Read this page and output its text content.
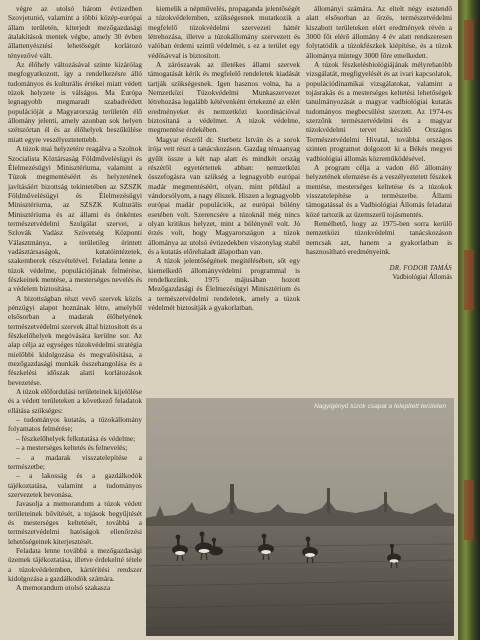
végre az utolsó három évtizedben Szovjetunió, valamint a többi közép-európai állam területén, kiterjedt mezőgazdasági átalakítások mentek végbe, amely 30 évben állattenyésztési lehetőségét korlátozó tényezővé vált.

Az élőhely változásával szinte kizárólag megfogyatkozott, így a rendelkezésre álló tudományos és kulturális értékei miatt védett túzok helyzete is válságos. Ma Európa legnagyobb megmaradt szabadvédett populációját a Magyarország területén élő állomány jelenti, amely azonban sok helyen szétszórtan él és az élőhelyek beszűkülése miatt egyre veszélyeztetettebb.

A túzok mai helyzetére reagálva a Szolnok Szocialista Köztársaság Földművelésügyi és Élelmezésügyi Minisztériuma, valamint a Túzok megmentéséért és helyzetének javításáért bizottság tekintetében az SZSZK Földművelésügyi és Élelmezésügyi Minisztériuma, az SZSZK Kulturális Minisztériuma és az állami és önkéntes természetvédelmi Szolgálat szervei, a Szlovák Vadász Szövetség Központi Választmánya, a területileg érintett vadásztársaságok, kutatóintézetek, szakemberek részvételével. Feladata lenne a túzok védelme, populációjának felmérése, fészkeinek mentése, a mesterséges nevelés és a védelem biztosítása.

A bizottságban részt vevő szervek közös pénzügyi alapot hoznának létre, amelyből elsősorban a madarak élőhelyének természetvédelmi szervek által biztosított és a fészkelőhelyek megóvására kerülne sor. Az alap célja az egységes túzokvédelmi stratégia mielőbbi kidolgozása és megvalósítása, a mezőgazdasági munkák összehangolása és a fészkelési időszak alatti korlátozások bevezetése.

A túzok előfordulási területeinek kijelölése és a védett területeken a következő feladatok ellátása szükséges:

– tudományos kutatás, a túzokállomány folyamatos felmérése;

– fészkelőhelyek felkutatása és védelme;

– a mesterséges keltetés és felnevelés;

– a madarak visszatelepítése a természetbe;

– a lakosság és a gazdálkodók tájékoztatása, valamint a tudományos szervezetek bevonása.

Javasolja a memorandum a túzok védett területeinek bővítését, a tojások begyűjtését és mesterséges keltetését, továbbá a természetvédelmi hatóságok ellenőrzési lehetőségeinek kiterjesztését.

Feladata lenne továbbá a mezőgazdasági üzemek tájékoztatása, illetve érdekeltté tétele a túzokvédelemben, kártérítési rendszer kidolgozása a gazdálkodók számára.

A memorandum utolsó szakasza

kiemelik a népművelés, propaganda jelentőségét a túzokvédelemben, szükségesnek mutatkozik a megfelelő túzokvédelmi szervezeti háttér létrehozása, illetve a túzokállomány szervezett és valóban érdemi szintű védelmét, s ez a terület egy védősávval is biztosított.

A zárószavak az illetékes állami szervek támogatását kérik és megfelelő rendeletek kiadását tartják szükségesnek. Igen hasznos volna, ha a Nemzetközi Túzokvédelmi Munkaszervezet létrehozása legalább kétévenként értekezné az elért eredményeket és nemzetközi koordinációval biztosítaná a védelmet. A túzok védelme, megmentése érdekében.

Magyar részről dr. Sterbetz István és a sorok írója vett részt a tanácskozáson. Gazdag témaanyag gyűlt össze a két nap alatt és mindkét ország részéről egyetértettek abban: nemzetközi összefogásra van szükség a legnagyobb európai madár megmentéséért, olyan, mint például a vándorsólyom, a nagy éliszek. Hiszen a legnagyobb európai madár populációk, az európai bölény esetében volt. Szerencsére a túzoknál még nincs olyan kritikus helyzet, mint a bölénynél volt. Jó érzés volt, hogy Magyarországon a túzok állománya az utolsó évtizedekben viszonylag stabil és a kutatás előrehaladt állapotban van.

A túzok jelentőségének megítélésében, sőt egy kiemelkedő állományvédelmi programmal is rendelkezünk. 1975 májusában hozott Mezőgazdasági és Élelmezésügyi Minisztérium és a természetvédelmi rendeletek, amely a túzok védelmét biztosítják a gyakorlatban.

állományi számára. Az eltelt négy esztendő alatt elsősorban az őrzés, természetvédelmi kiszabott területeken elért eredmények révén a 3000 főt elérő állomány 4 év alatt rendszeresen folytatódik a túzokfészkek kiépítése, és a túzok állománya mintegy 3000 főre emelkedett.

A túzok fészkelésbiológiájának mélyrehatóbb vizsgálatát, megfigyelését és az ivari kapcsolatok, populációdinamikai vizsgálatokat, valamint a tojásrakás és a mesterséges keltetési lehetőségek tanulmányozását a magyar vadbiológiai kutatás tudományos megbecsülést szerzett. Az 1974-es szerzőnk természetvédelmi és a magyar túzokvédelmi tervet készítő Országos Természetvédelmi Hivatal, továbbá országos szinten programot dolgozott ki a Békés megyei vadbiológiai állomás közreműködésével.

A program célja a vadon élő állomány helyzetének elemzése és a veszélyeztetett fészkek mentése, mesterséges keltetése és a túzokok visszatelepítése a természetbe. Állami támogatással és a Vadbiológiai Állomás feladatai közé tartozik az üzemszerű tojásmentés.

Remélhető, hogy az 1975-ben sorra kerülő nemzetközi túzokvédelmi tanácskozáson nemcsak azt, hanem a gyakorlatban is hasznosítható eredményeink.

DR. FODOR TAMÁS
Vadbiológiai Állomás
Nagyigényű túzok csapat a telepített területen
